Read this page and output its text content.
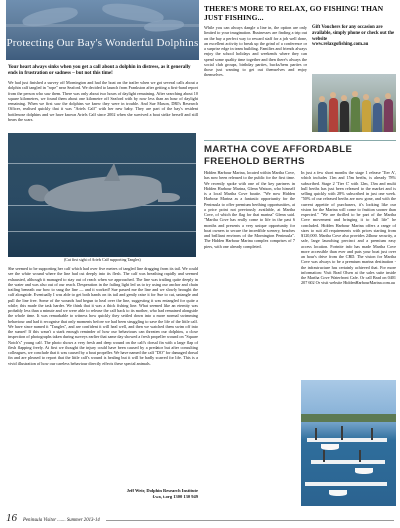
Protecting Our Bay's Wonderful Dolphins

Your heart always sinks when you get a call about a dolphin in distress, as it generally ends in frustration or sadness – but not this time!

We had just finished a survey off Mornington and had the boat on the trailer when we got several calls about a dolphin calf tangled in "rope" near Seaford. We decided to launch from Frankston after getting a first-hand report from the person who saw them. There was only about two hours of daylight remaining. After searching about 10 square kilometres, we found them about one kilometre off Seaford with by now less than an hour of daylight remaining. When we first saw the dolphins we knew they were in trouble. And Sue Mason, DRI's Research Officer, realised quickly that it was "Ariels Calf" with her new baby. They are part of the bay's resident bottlenose dolphins and we have known Ariels Calf since 2002 when she survived a boat strike herself and still bears the scars.

(Cut first sight of Ariels Calf supporting Tangles)

She seemed to be supporting her calf which had over five metres of tangled line dragging from its tail. We could see the white wound where the line had cut deeply into its flesh. The calf was breathing rapidly and seemed exhausted, although it managed to stay out of reach when we approached. The line was trailing quite deeply in the water and was also out of our reach. Desperation in the failing light led us to try using our anchor and chain trailing beneath our bow to snag the line — and it worked! Sue passed me the line and we slowly brought the calf alongside. Eventually I was able to get both hands on its tail and gently raise it for Sue to cut, untangle and pull the line free. Some of the wounds had begun to heal over the line, suggesting it was entangled for quite a while; this made the task harder. We think that it was a thick fishing line. What seemed like an eternity was probably less than a minute and we were able to release the calf back to its mother, who had remained alongside the whole time. It was remarkable to witness how quickly they settled down into a more normal swimming behaviour and had it recognise that only moments before we had been struggling to save the life of the little calf. We have since named it "Tangles", and are confident it will heal well, and then we watched them swim off into the sunset! If this wasn't a stark enough reminder of how our behaviours can threaten our dolphins, a close inspection of photographs taken during surveys earlier that same day showed a fresh propeller wound on "Square Notch's" young calf. The photo shows a very fresh and deep wound on the calf's dorsal fin with a large flap of flesh flapping freely. At first we thought the injury could have been caused by a predator but after consulting colleagues, we conclude that it was caused by a boat propeller. We have named the calf "DO" for damaged dorsal fin and are pleased to report that the little calf's wound is healing but it will be badly scarred for life. This is a vivid illustration of how our careless behaviour directly effects these special animals.

Jeff Weir, Dolphin Research Institute
f.wa, t.org 1300 130 949
THERE'S MORE TO RELAX, GO FISHING! THAN JUST FISHING...

While you can always dangle a line in, the option are only limited to your imagination. Businesses are finding a trip out on the bay a perfect way to reward staff for a job well done, an excellent activity to break up the grind of a conference or a surprise edge in team building. Families and friends always enjoy the school holidays and weekends where they can spend some quality time together and then there's always the social club groups, birthday parties, bucks/hens parties or those just wanting to get out themselves and enjoy themselves.

Gift Vouchers for any occasion are available, simply phone or check out the website
www.relaxgofishing.com.au
MARTHA COVE AFFORDABLE FREEHOLD BERTHS

Hidden Harbour Marina, located within Martha Cove, has now been released to the public for the first time. We recently spoke with one of the key partners in Hidden Harbour Marina, Glenn Watson, who himself is a local Martha Cove boatie. "We now Hidden Harbour Marina as a fantastic opportunity for the Peninsula to offer premium berthing opportunities, at a price point not previously available, at Martha Cove, of which the flag for that marina" Glenn said. "Martha Cove has really come to life in the past 6 months and presents a very unique opportunity for boat owners to secure the incredible scenery, beaches and brilliant environs of the Mornington Peninsula". The Hidden Harbour Marina complex comprises of 7 piers, with one already completed.

In just a few short months the stage 1 release 'Tier A', which includes 11m and 15m berths, is already 78% subscribed. Stage 2 'Tier C' with 12m, 13m and multi hull berths has just been released to the market and is selling quickly with 28% subscribed in just one week. "50% of our released berths are now gone, and with the current appetite of purchasers, it's looking like our vision for the Marina will come to fruition sooner than expected." "We are thrilled to be part of the Martha Cove movement and bringing it to full life" he concluded. Hidden Harbour Marina offers a range of sizes to suit all requirements with prices starting from $120,000. Martha Cove also provides 24hour security, a safe, large launching precinct and a premium easy access location. Fortnite info has made Martha Cove more accessible than ever and puts your boat just over an hour's drive from the CBD. The vision for Martha Cove was always to be a premium marina destination - the infrastructure has certainly achieved that. For more information: Visit Brad Olsen at the sales suite inside the Martha Cove Waterfront Cafe. Or call Brad on 0401 207 602 Or visit website HiddenHarbourMarina.com.au

16 Peninsula Visitor ....... Summer 2013-14
